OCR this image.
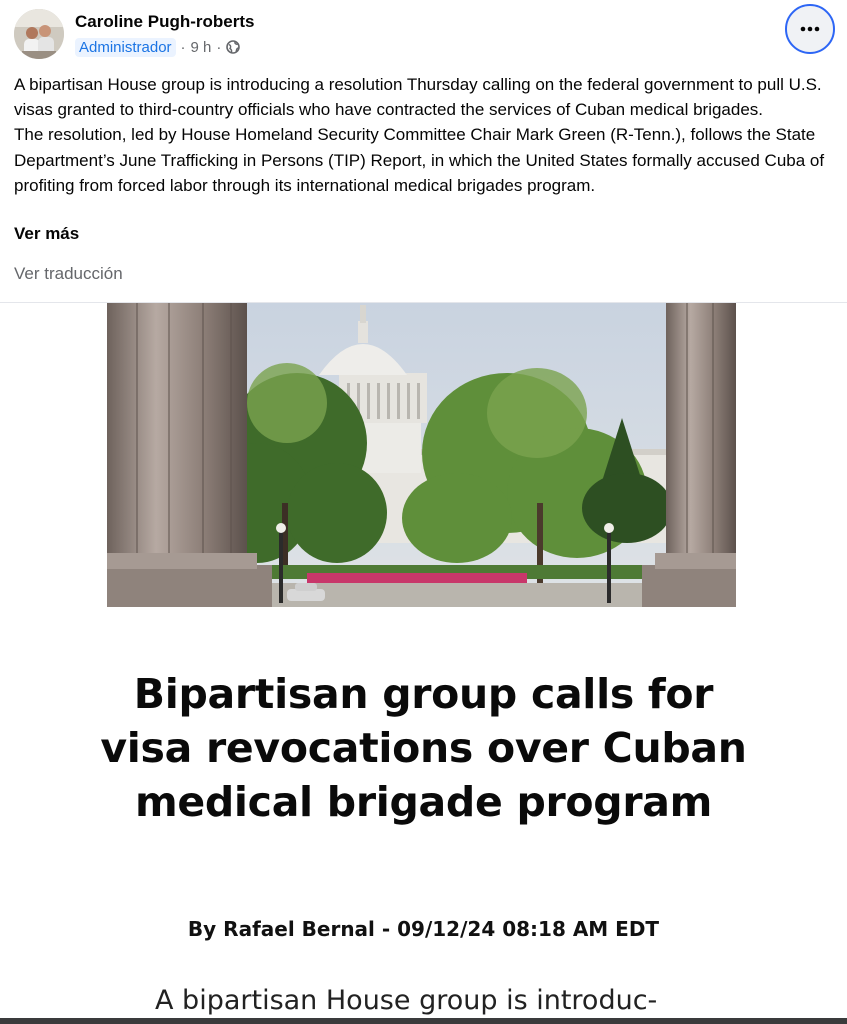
Caroline Pugh-roberts
Administrador · 9 h ·

A bipartisan House group is introducing a resolution Thursday calling on the federal government to pull U.S. visas granted to third-country officials who have contracted the services of Cuban medical brigades.

The resolution, led by House Homeland Security Committee Chair Mark Green (R-Tenn.), follows the State Department’s June Trafficking in Persons (TIP) Report, in which the United States formally accused Cuba of profiting from forced labor through its international medical brigades program.

Ver más
Ver traducción
Bipartisan group calls for visa revocations over Cuban medical brigade program
By Rafael Bernal - 09/12/24 08:18 AM EDT
A bipartisan House group is introduc-
